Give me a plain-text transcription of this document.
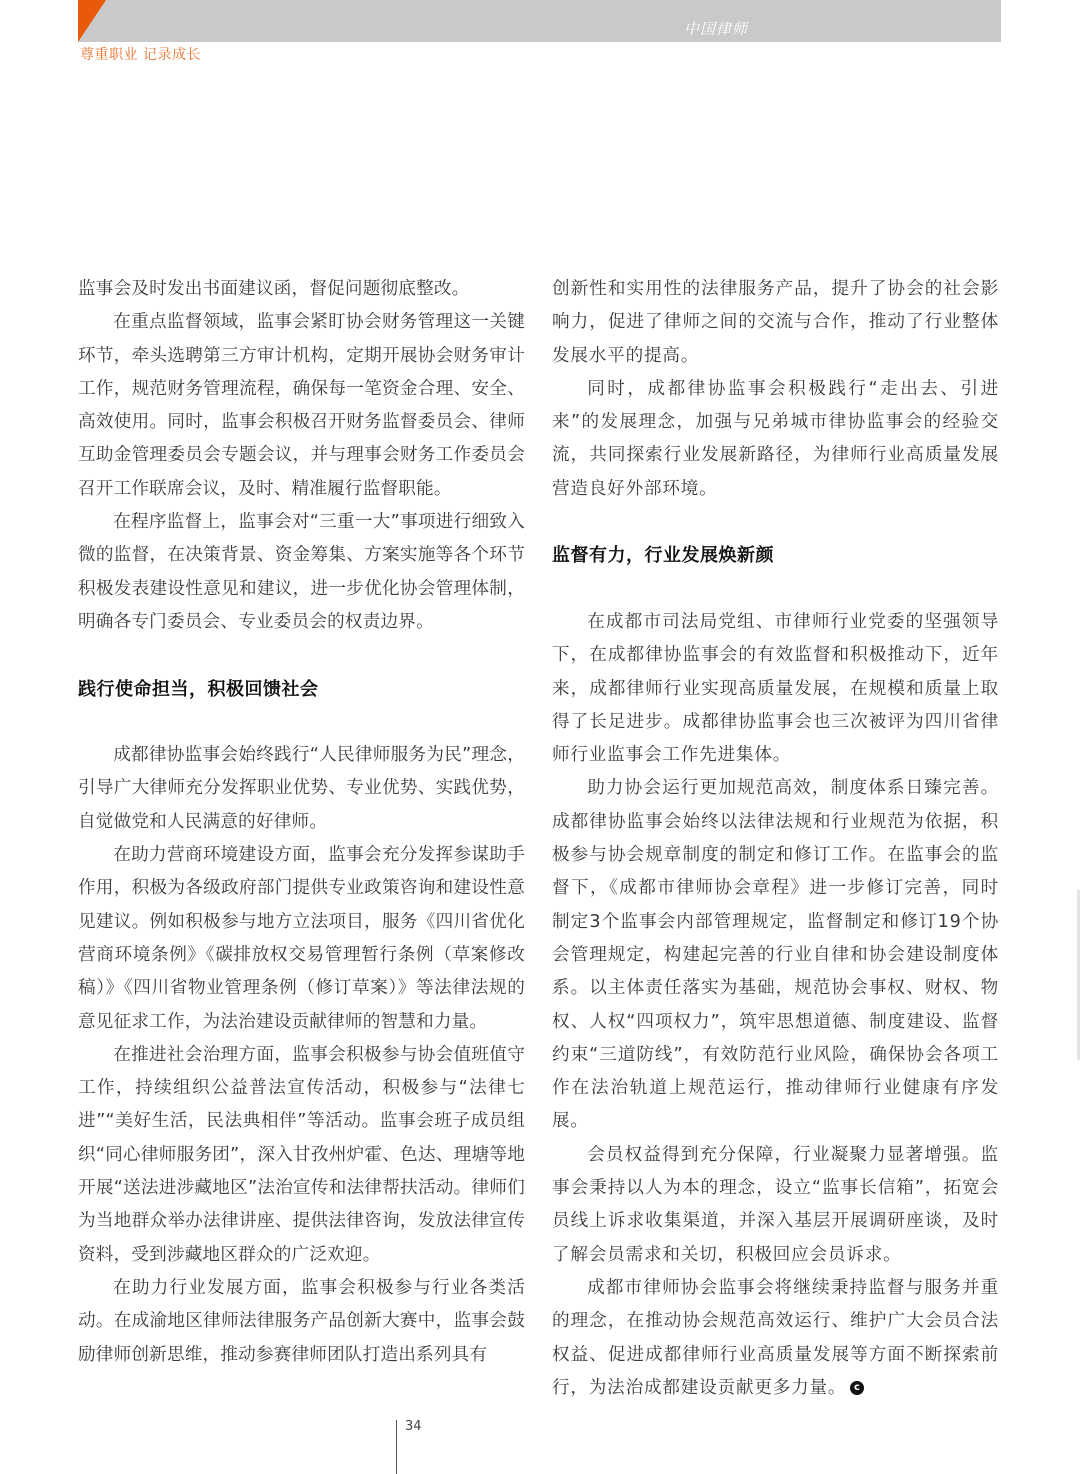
中国律师
尊重职业 记录成长

监事会及时发出书面建议函，督促问题彻底整改。

在重点监督领域，监事会紧盯协会财务管理这一关键环节，牵头选聘第三方审计机构，定期开展协会财务审计工作，规范财务管理流程，确保每一笔资金合理、安全、高效使用。同时，监事会积极召开财务监督委员会、律师互助金管理委员会专题会议，并与理事会财务工作委员会召开工作联席会议，及时、精准履行监督职能。

在程序监督上，监事会对“三重一大”事项进行细致入微的监督，在决策背景、资金筹集、方案实施等各个环节积极发表建设性意见和建议，进一步优化协会管理体制，明确各专门委员会、专业委员会的权责边界。

践行使命担当，积极回馈社会

成都律协监事会始终践行“人民律师服务为民”理念，引导广大律师充分发挥职业优势、专业优势、实践优势，自觉做党和人民满意的好律师。

在助力营商环境建设方面，监事会充分发挥参谋助手作用，积极为各级政府部门提供专业政策咨询和建设性意见建议。例如积极参与地方立法项目，服务《四川省优化营商环境条例》《碳排放权交易管理暂行条例（草案修改稿）》《四川省物业管理条例（修订草案）》等法律法规的意见征求工作，为法治建设贡献律师的智慧和力量。

在推进社会治理方面，监事会积极参与协会值班值守工作，持续组织公益普法宣传活动，积极参与“法律七进”“美好生活，民法典相伴”等活动。监事会班子成员组织“同心律师服务团”，深入甘孜州炉霍、色达、理塘等地开展“送法进涉藏地区”法治宣传和法律帮扶活动。律师们为当地群众举办法律讲座、提供法律咨询，发放法律宣传资料，受到涉藏地区群众的广泛欢迎。

在助力行业发展方面，监事会积极参与行业各类活动。在成渝地区律师法律服务产品创新大赛中，监事会鼓励律师创新思维，推动参赛律师团队打造出系列具有

创新性和实用性的法律服务产品，提升了协会的社会影响力，促进了律师之间的交流与合作，推动了行业整体发展水平的提高。

同时，成都律协监事会积极践行“走出去、引进来”的发展理念，加强与兄弟城市律协监事会的经验交流，共同探索行业发展新路径，为律师行业高质量发展营造良好外部环境。

监督有力，行业发展焕新颜

在成都市司法局党组、市律师行业党委的坚强领导下，在成都律协监事会的有效监督和积极推动下，近年来，成都律师行业实现高质量发展，在规模和质量上取得了长足进步。成都律协监事会也三次被评为四川省律师行业监事会工作先进集体。

助力协会运行更加规范高效，制度体系日臻完善。成都律协监事会始终以法律法规和行业规范为依据，积极参与协会规章制度的制定和修订工作。在监事会的监督下，《成都市律师协会章程》进一步修订完善，同时制定3个监事会内部管理规定，监督制定和修订19个协会管理规定，构建起完善的行业自律和协会建设制度体系。以主体责任落实为基础，规范协会事权、财权、物权、人权“四项权力”，筑牢思想道德、制度建设、监督约束“三道防线”，有效防范行业风险，确保协会各项工作在法治轨道上规范运行，推动律师行业健康有序发展。

会员权益得到充分保障，行业凝聚力显著增强。监事会秉持以人为本的理念，设立“监事长信箱”，拓宽会员线上诉求收集渠道，并深入基层开展调研座谈，及时了解会员需求和关切，积极回应会员诉求。

成都市律师协会监事会将继续秉持监督与服务并重的理念，在推动协会规范高效运行、维护广大会员合法权益、促进成都律师行业高质量发展等方面不断探索前行，为法治成都建设贡献更多力量。 c

34
